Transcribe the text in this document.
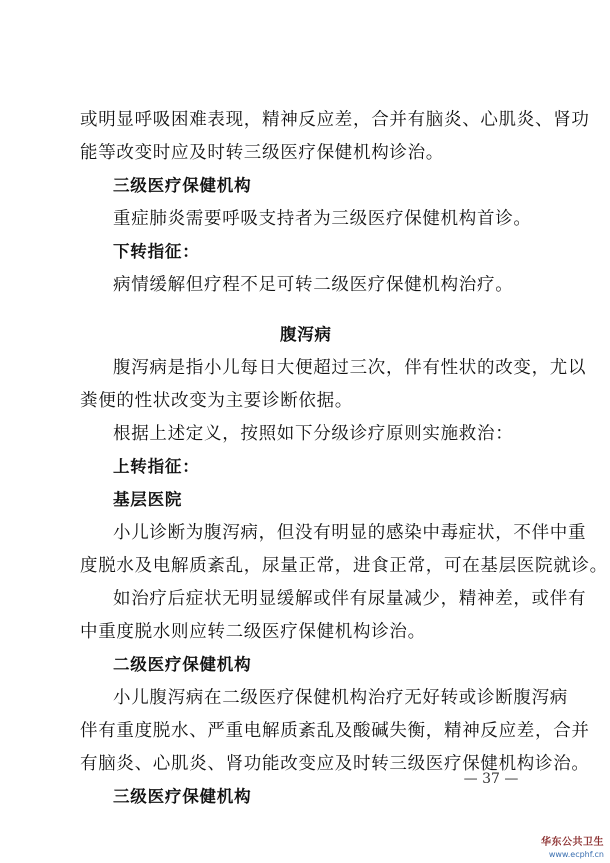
或明显呼吸困难表现，精神反应差，合并有脑炎、心肌炎、肾功
能等改变时应及时转三级医疗保健机构诊治。
三级医疗保健机构
重症肺炎需要呼吸支持者为三级医疗保健机构首诊。
下转指征：
病情缓解但疗程不足可转二级医疗保健机构治疗。
腹泻病
腹泻病是指小儿每日大便超过三次，伴有性状的改变，尤以
粪便的性状改变为主要诊断依据。
根据上述定义，按照如下分级诊疗原则实施救治：
上转指征：
基层医院
小儿诊断为腹泻病，但没有明显的感染中毒症状，不伴中重
度脱水及电解质紊乱，尿量正常，进食正常，可在基层医院就诊。
如治疗后症状无明显缓解或伴有尿量减少，精神差，或伴有
中重度脱水则应转二级医疗保健机构诊治。
二级医疗保健机构
小儿腹泻病在二级医疗保健机构治疗无好转或诊断腹泻病
伴有重度脱水、严重电解质紊乱及酸碱失衡，精神反应差，合并
有脑炎、心肌炎、肾功能改变应及时转三级医疗保健机构诊治。
三级医疗保健机构
— 37 —
华东公共卫生
www.ecphf.cn
